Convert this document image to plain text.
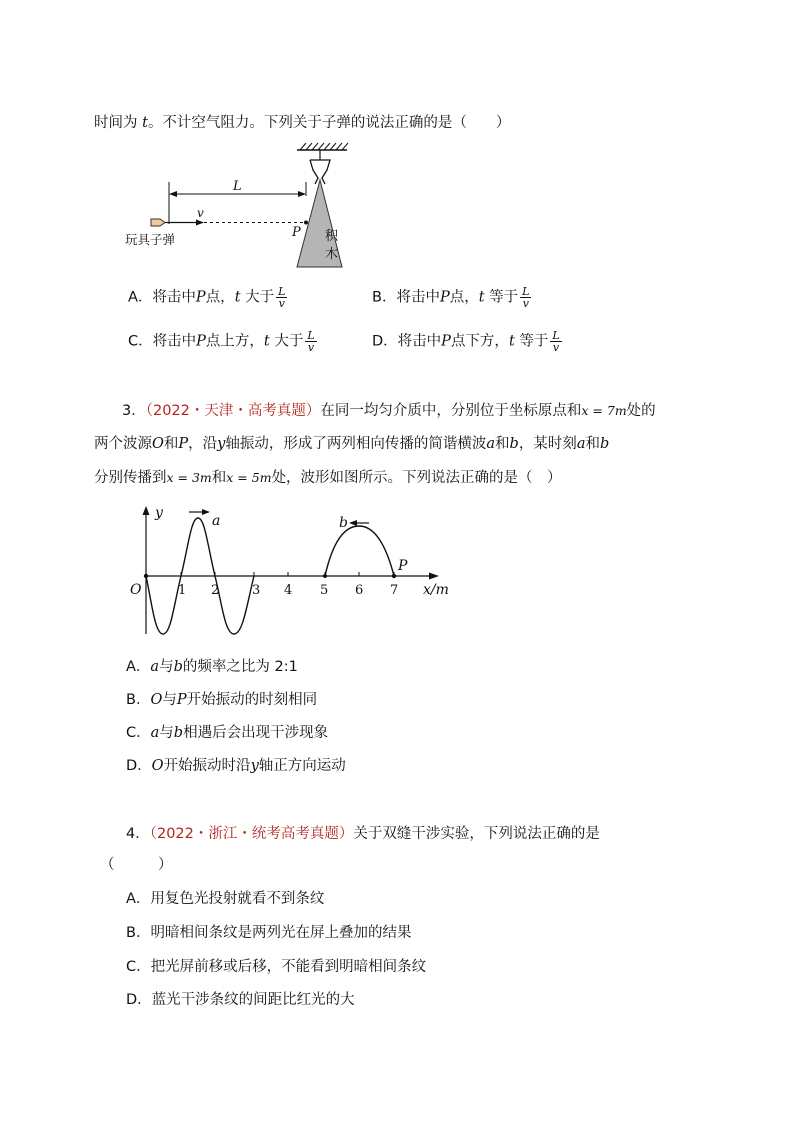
时间为 t。不计空气阻力。下列关于子弹的说法正确的是（　　）
积
木
L
v
P
玩具子弹
A．将击中P点，t 大于 $\frac{L}{v}$	B．将击中P点，t 等于 $\frac{L}{v}$
C．将击中P点上方，t 大于 $\frac{L}{v}$	D．将击中P点下方，t 等于 $\frac{L}{v}$
3．（2022・天津・高考真题）在同一均匀介质中，分别位于坐标原点和x = 7m处的
两个波源O和P，沿y轴振动，形成了两列相向传播的简谐横波a和b，某时刻a和b
分别传播到x = 3m和x = 5m处，波形如图所示。下列说法正确的是（　）
y
x/m
O	1 2	3 4 5 6 7
a
P
b
A．a与b的频率之比为 2:1
B．O与P开始振动的时刻相同
C．a与b相遇后会出现干涉现象
D．O开始振动时沿y轴正方向运动
4．（2022・浙江・统考高考真题）关于双缝干涉实验，下列说法正确的是
（　　　）
A．用复色光投射就看不到条纹
B．明暗相间条纹是两列光在屏上叠加的结果
C．把光屏前移或后移，不能看到明暗相间条纹
D．蓝光干涉条纹的间距比红光的大
